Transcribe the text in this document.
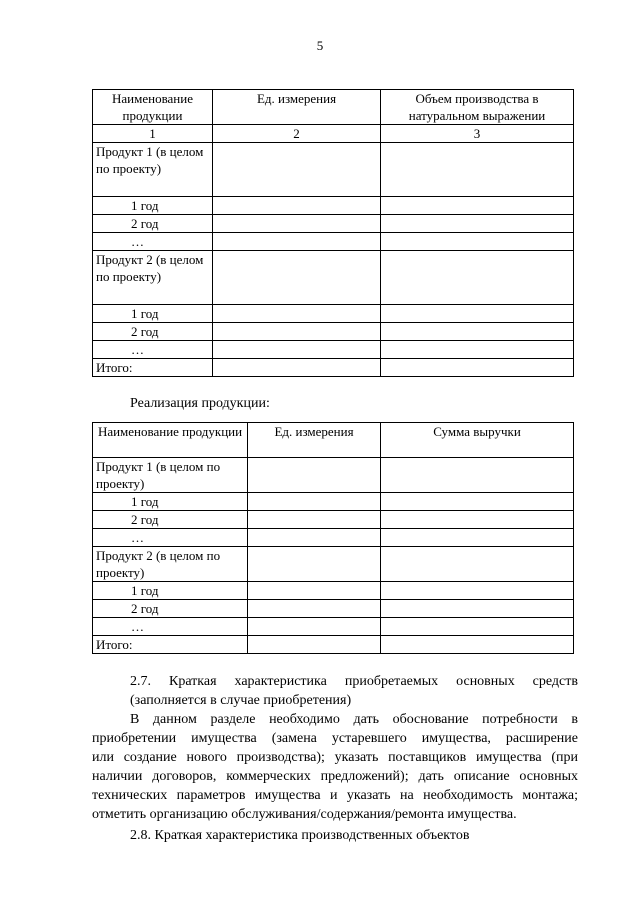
5
Наименование продукции	Ед. измерения	Объем производства в натуральном выражении
1	2	3
Продукт 1 (в целом по проекту)		
1 год		
2 год		
…		
Продукт 2 (в целом по проекту)		
1 год		
2 год		
…		
Итого:		

Реализация продукции:

Наименование продукции	Ед. измерения	Сумма выручки
Продукт 1 (в целом по проекту)		
1 год		
2 год		
…		
Продукт 2 (в целом по проекту)		
1 год		
2 год		
…		
Итого:		

2.7. Краткая характеристика приобретаемых основных средств

(заполняется в случае приобретения)

В данном разделе необходимо дать обоснование потребности в

приобретении имущества (замена устаревшего имущества, расширение

или создание нового производства); указать поставщиков имущества (при

наличии договоров, коммерческих предложений); дать описание основных

технических параметров имущества и указать на необходимость монтажа;

отметить организацию обслуживания/содержания/ремонта имущества.

2.8. Краткая характеристика производственных объектов
